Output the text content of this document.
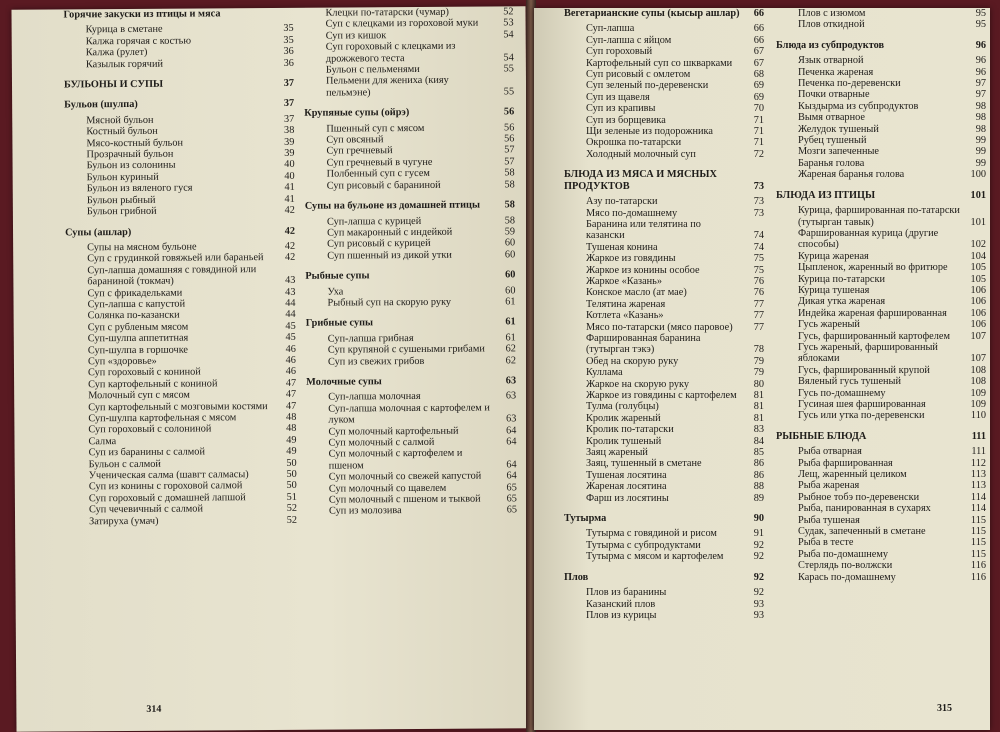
Горячие закуски из птицы и мяса
Курица в сметане	35
Калжа горячая с костью	35
Калжа (рулет)	36
Казылык горячий	36
БУЛЬОНЫ И СУПЫ	37
Бульон (шулпа)	37
Мясной бульон	37
Костный бульон	38
Мясо-костный бульон	39
Прозрачный бульон	39
Бульон из солонины	40
Бульон куриный	40
Бульон из вяленого гуся	41
Бульон рыбный	41
Бульон грибной	42
Супы (ашлар)	42
Супы на мясном бульоне	42
Суп с грудинкой говяжьей или бараньей	42
Суп-лапша домашняя с говядиной или бараниной (токмач)	43
Суп с фрикадельками	43
Суп-лапша с капустой	44
Солянка по-казански	44
Суп с рубленым мясом	45
Суп-шулпа аппетитная	45
Суп-шулпа в горшочке	46
Суп «здоровье»	46
Суп гороховый с кониной	46
Суп картофельный с кониной	47
Молочный суп с мясом	47
Суп картофельный с мозговыми костями	47
Суп-шулпа картофельная с мясом	48
Суп гороховый с солониной	48
Салма	49
Суп из баранины с салмой	49
Бульон с салмой	50
Ученическая салма (шавгт салмасы)	50
Суп из конины с гороховой салмой	50
Суп гороховый с домашней лапшой	51
Суп чечевичный с салмой	52
Затируха (умач)	52
Клецки по-татарски (чумар)	52
Суп с клецками из гороховой муки	53
Суп из кишок	54
Суп гороховый с клецками из дрожжевого теста	54
Бульон с пельменями	55
Пельмени для жениха (кияу пельмэне)	55
Крупяные супы (ойрэ)	56
Пшенный суп с мясом	56
Суп овсяный	56
Суп гречневый	57
Суп гречневый в чугуне	57
Полбенный суп с гусем	58
Суп рисовый с бараниной	58
Супы на бульоне из домашней птицы	58
Суп-лапша с курицей	58
Суп макаронный с индейкой	59
Суп рисовый с курицей	60
Суп пшенный из дикой утки	60
Рыбные супы	60
Уха	60
Рыбный суп на скорую руку	61
Грибные супы	61
Суп-лапша грибная	61
Суп крупяной с сушеными грибами	62
Суп из свежих грибов	62
Молочные супы	63
Суп-лапша молочная	63
Суп-лапша молочная с картофелем и луком	63
Суп молочный картофельный	64
Суп молочный с салмой	64
Суп молочный с картофелем и пшеном	64
Суп молочный со свежей капустой	64
Суп молочный со щавелем	65
Суп молочный с пшеном и тыквой	65
Суп из молозива	65
314
Вегетарианские супы (кысыр ашлар)	66
Суп-лапша	66
Суп-лапша с яйцом	66
Суп гороховый	67
Картофельный суп со шкварками	67
Суп рисовый с омлетом	68
Суп зеленый по-деревенски	69
Суп из щавеля	69
Суп из крапивы	70
Суп из борщевика	71
Щи зеленые из подорожника	71
Окрошка по-татарски	71
Холодный молочный суп	72
БЛЮДА ИЗ МЯСА И МЯСНЫХ ПРОДУКТОВ	73
Азу по-татарски	73
Мясо по-домашнему	73
Баранина или телятина по казански	74
Тушеная конина	74
Жаркое из говядины	75
Жаркое из конины особое	75
Жаркое «Казань»	76
Конское масло (ат мае)	76
Телятина жареная	77
Котлета «Казань»	77
Мясо по-татарски (мясо паровое)	77
Фаршированная баранина (тутырган тэкэ)	78
Обед на скорую руку	79
Куллама	79
Жаркое на скорую руку	80
Жаркое из говядины с картофелем	81
Тулма (голубцы)	81
Кролик жареный	81
Кролик по-татарски	83
Кролик тушеный	84
Заяц жареный	85
Заяц, тушенный в сметане	86
Тушеная лосятина	86
Жареная лосятина	88
Фарш из лосятины	89
Тутырма	90
Тутырма с говядиной и рисом	91
Тутырма с субпродуктами	92
Тутырма с мясом и картофелем	92
Плов	92
Плов из баранины	92
Казанский плов	93
Плов из курицы	93
Плов с изюмом	95
Плов откидной	95
Блюда из субпродуктов	96
Язык отварной	96
Печенка жареная	96
Печенка по-деревенски	97
Почки отварные	97
Кыздырма из субпродуктов	98
Вымя отварное	98
Желудок тушеный	98
Рубец тушеный	99
Мозги запеченные	99
Баранья голова	99
Жареная баранья голова	100
БЛЮДА ИЗ ПТИЦЫ	101
Курица, фаршированная по-татарски (тутырган тавык)	101
Фаршированная курица (другие способы)	102
Курица жареная	104
Цыпленок, жаренный во фритюре	105
Курица по-татарски	105
Курица тушеная	106
Дикая утка жареная	106
Индейка жареная фаршированная	106
Гусь жареный	106
Гусь, фаршированный картофелем	107
Гусь жареный, фаршированный яблоками	107
Гусь, фаршированный крупой	108
Вяленый гусь тушеный	108
Гусь по-домашнему	109
Гусиная шея фаршированная	109
Гусь или утка по-деревенски	110
РЫБНЫЕ БЛЮДА	111
Рыба отварная	111
Рыба фаршированная	112
Лещ, жаренный целиком	113
Рыба жареная	113
Рыбное тобэ по-деревенски	114
Рыба, панированная в сухарях	114
Рыба тушеная	115
Судак, запеченный в сметане	115
Рыба в тесте	115
Рыба по-домашнему	115
Стерлядь по-волжски	116
Карась по-домашнему	116
315
